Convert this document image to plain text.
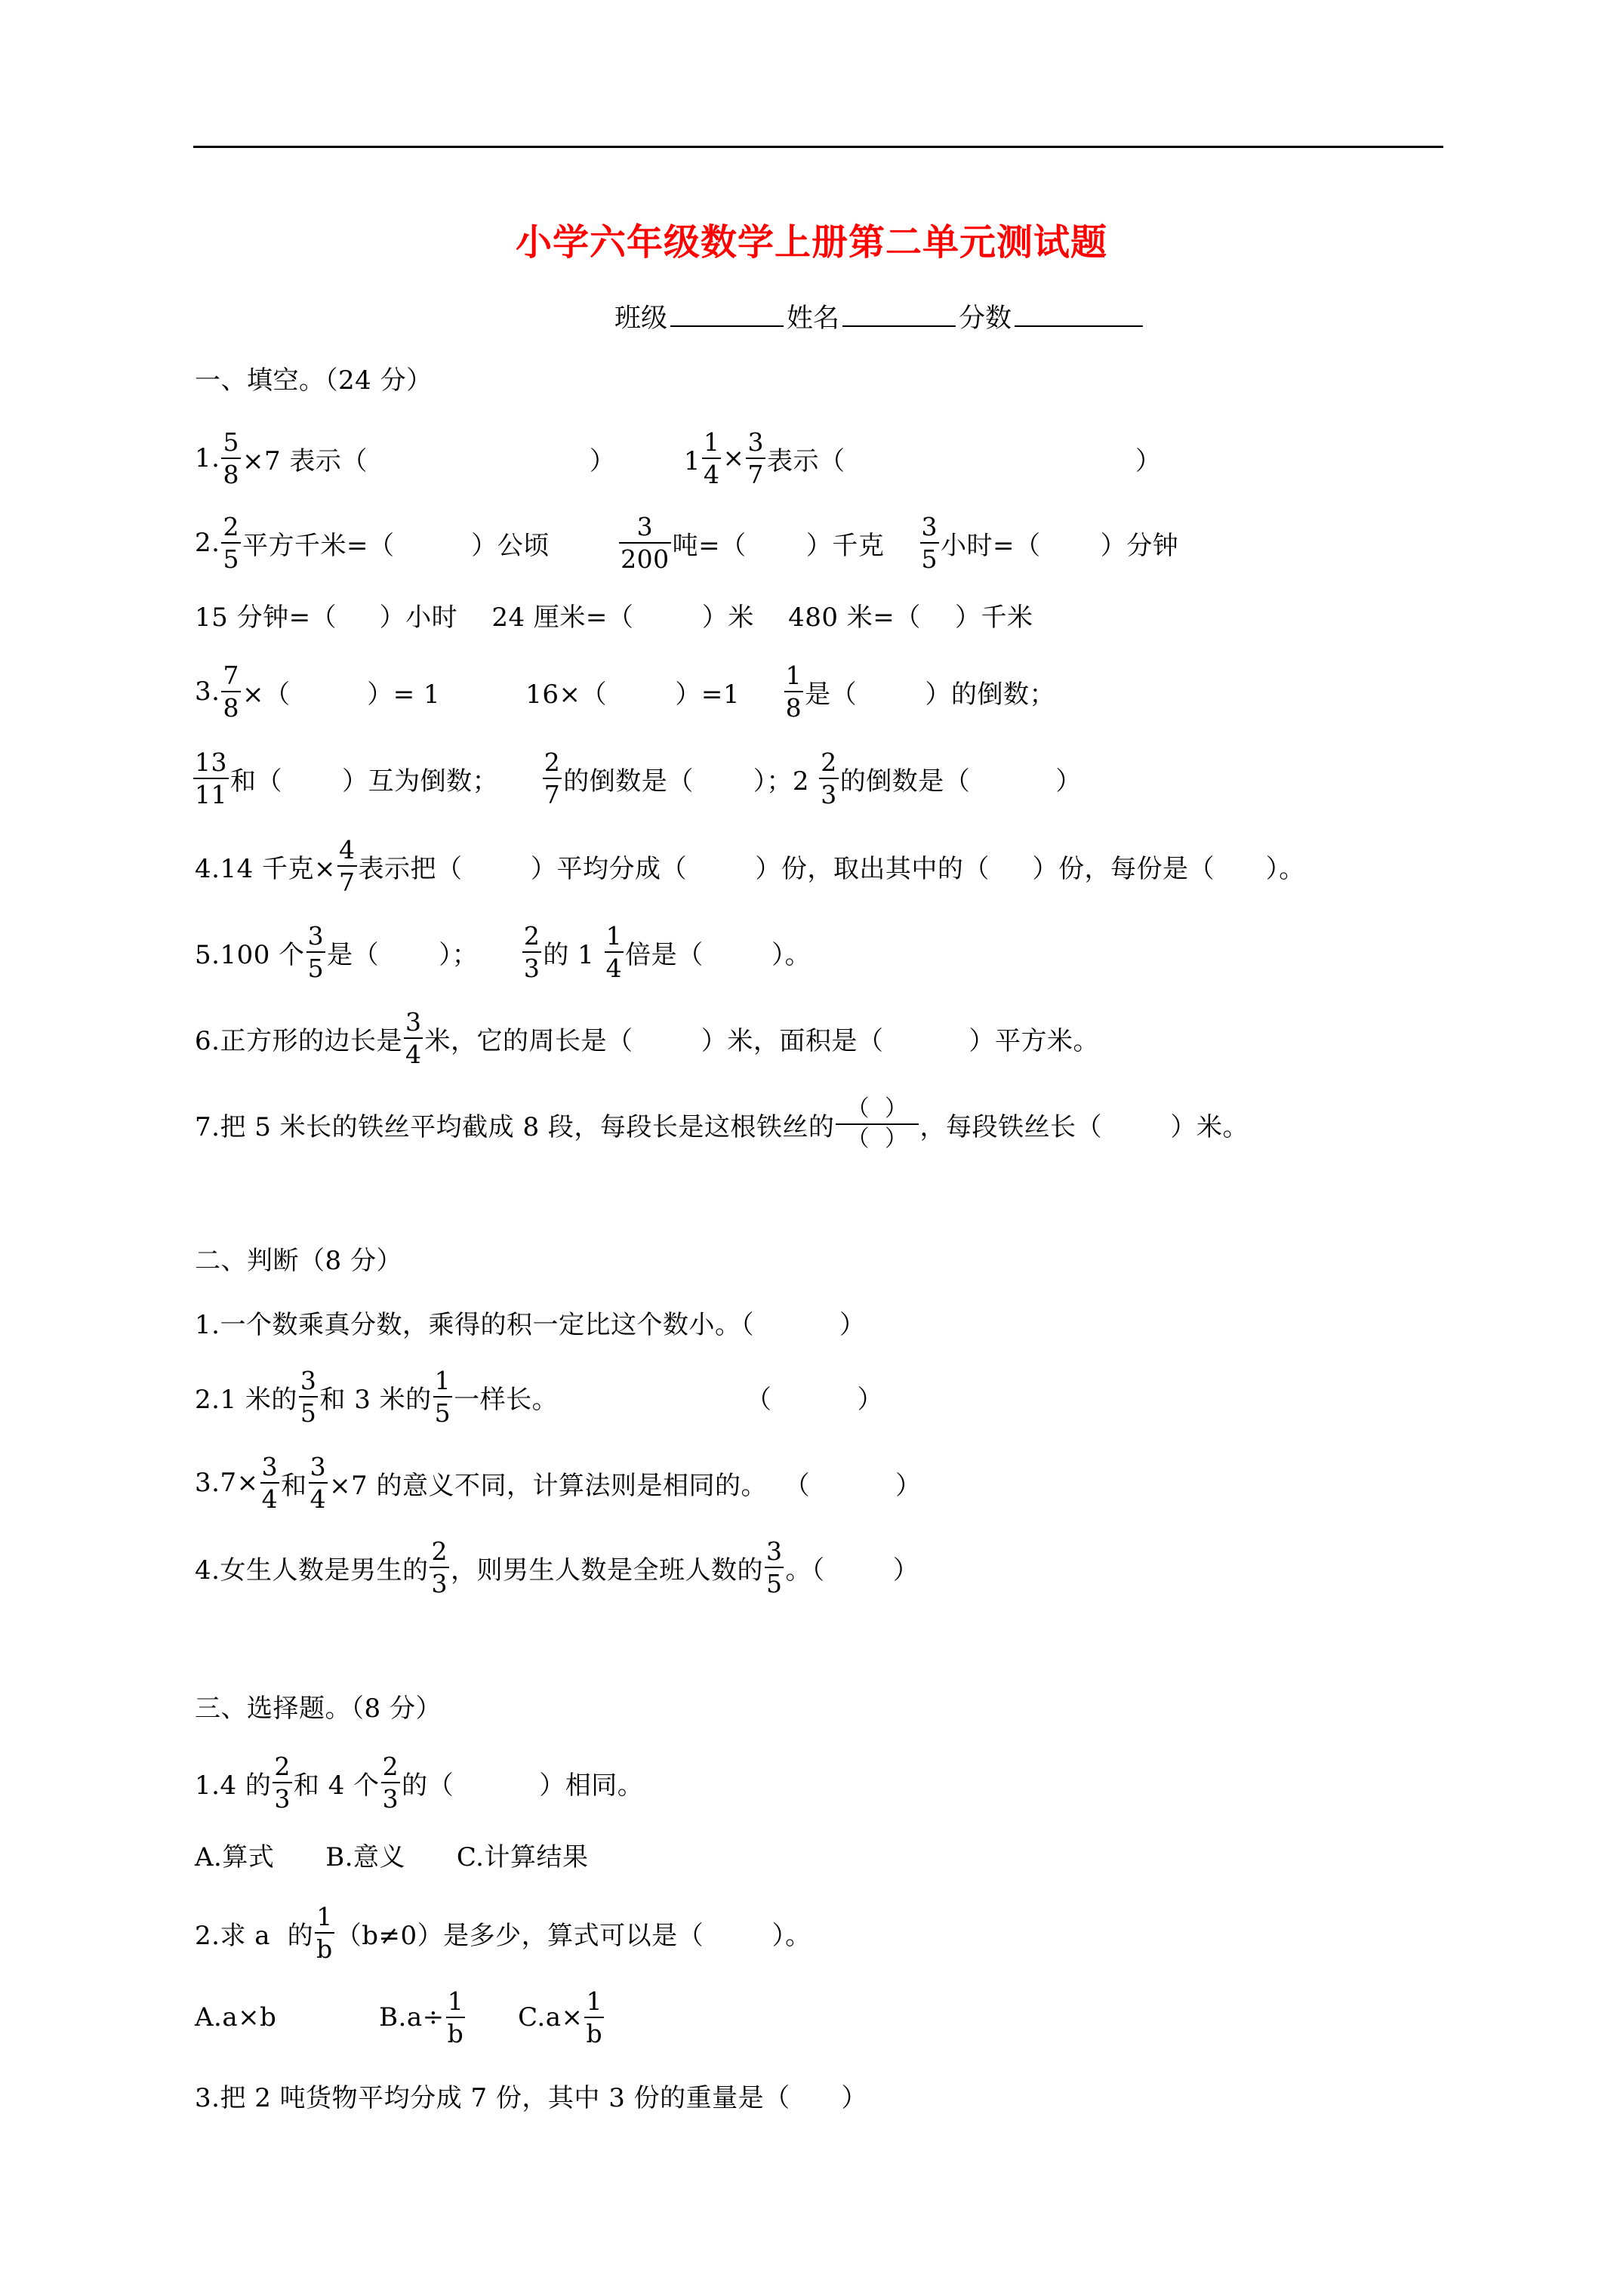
小学六年级数学上册第二单元测试题
班级	姓名	分数
一、填空。（24 分）
1. $\frac{5}{8} \times 7$ 表示（                          ）        $1 \frac{1}{4} \times \frac{3}{7}$ 表示（                                  ）
2. $\frac{2}{5}$ 平方千米=（         ）公顷 $\frac{3}{200}$ 吨=（       ）千克 $\frac{3}{5}$ 小时=（       ）分钟
15 分钟=（     ）小时    24 厘米=（        ）米    480 米=（    ）千米
3. $\frac{7}{8}$ ×（         ）= 1          16×（        ）$=1 \frac{1}{8}$ 是（        ）的倒数；
$\frac{13}{11}$ 和（       ）互为倒数； $\frac{2}{7}$ 的倒数是（       ）；$2 \frac{2}{3}$ 的倒数是（          ）
4.14 千克× $\frac{4}{7}$ 表示把（        ）平均分成（        ）份，取出其中的（     ）份，每份是（      ）。
5.100 个 $\frac{3}{5}$ 是（       ）； $\frac{2}{3}$ 的 $1 \frac{1}{4}$ 倍是（        ）。
6.正方形的边长是 $\frac{3}{4}$ 米，它的周长是（        ）米，面积是（          ）平方米。
7.把 5 米长的铁丝平均截成 8 段，每段长是这根铁丝的 $\frac{( )}{( )}$ ，每段铁丝长（        ）米。
二、判断（8 分）
1.一个数乘真分数，乘得的积一定比这个数小。（          ）
2.1 米的 $\frac{3}{5}$ 和 3 米的 $\frac{1}{5}$ 一样长。                      （          ）
$3.7\times \frac{3}{4}$ 和 $\frac{3}{4} \times 7$ 的意义不同，计算法则是相同的。  （          ）
4.女生人数是男生的 $\frac{2}{3}$ ，则男生人数是全班人数的 $\frac{3}{5}$ 。（        ）
三、选择题。（8 分）
1.4 的 $\frac{2}{3}$ 和 4 个 $\frac{2}{3}$ 的（          ）相同。
A.算式      B.意义      C.计算结果
2.求 a  的 $\frac{1}{b} (b\ne 0)$是多少，算式可以是（        ）。
A.a×b            $B.a\div \frac{1}{b} C.a\times \frac{1}{b}$
3.把 2 吨货物平均分成 7 份，其中 3 份的重量是（      ）
